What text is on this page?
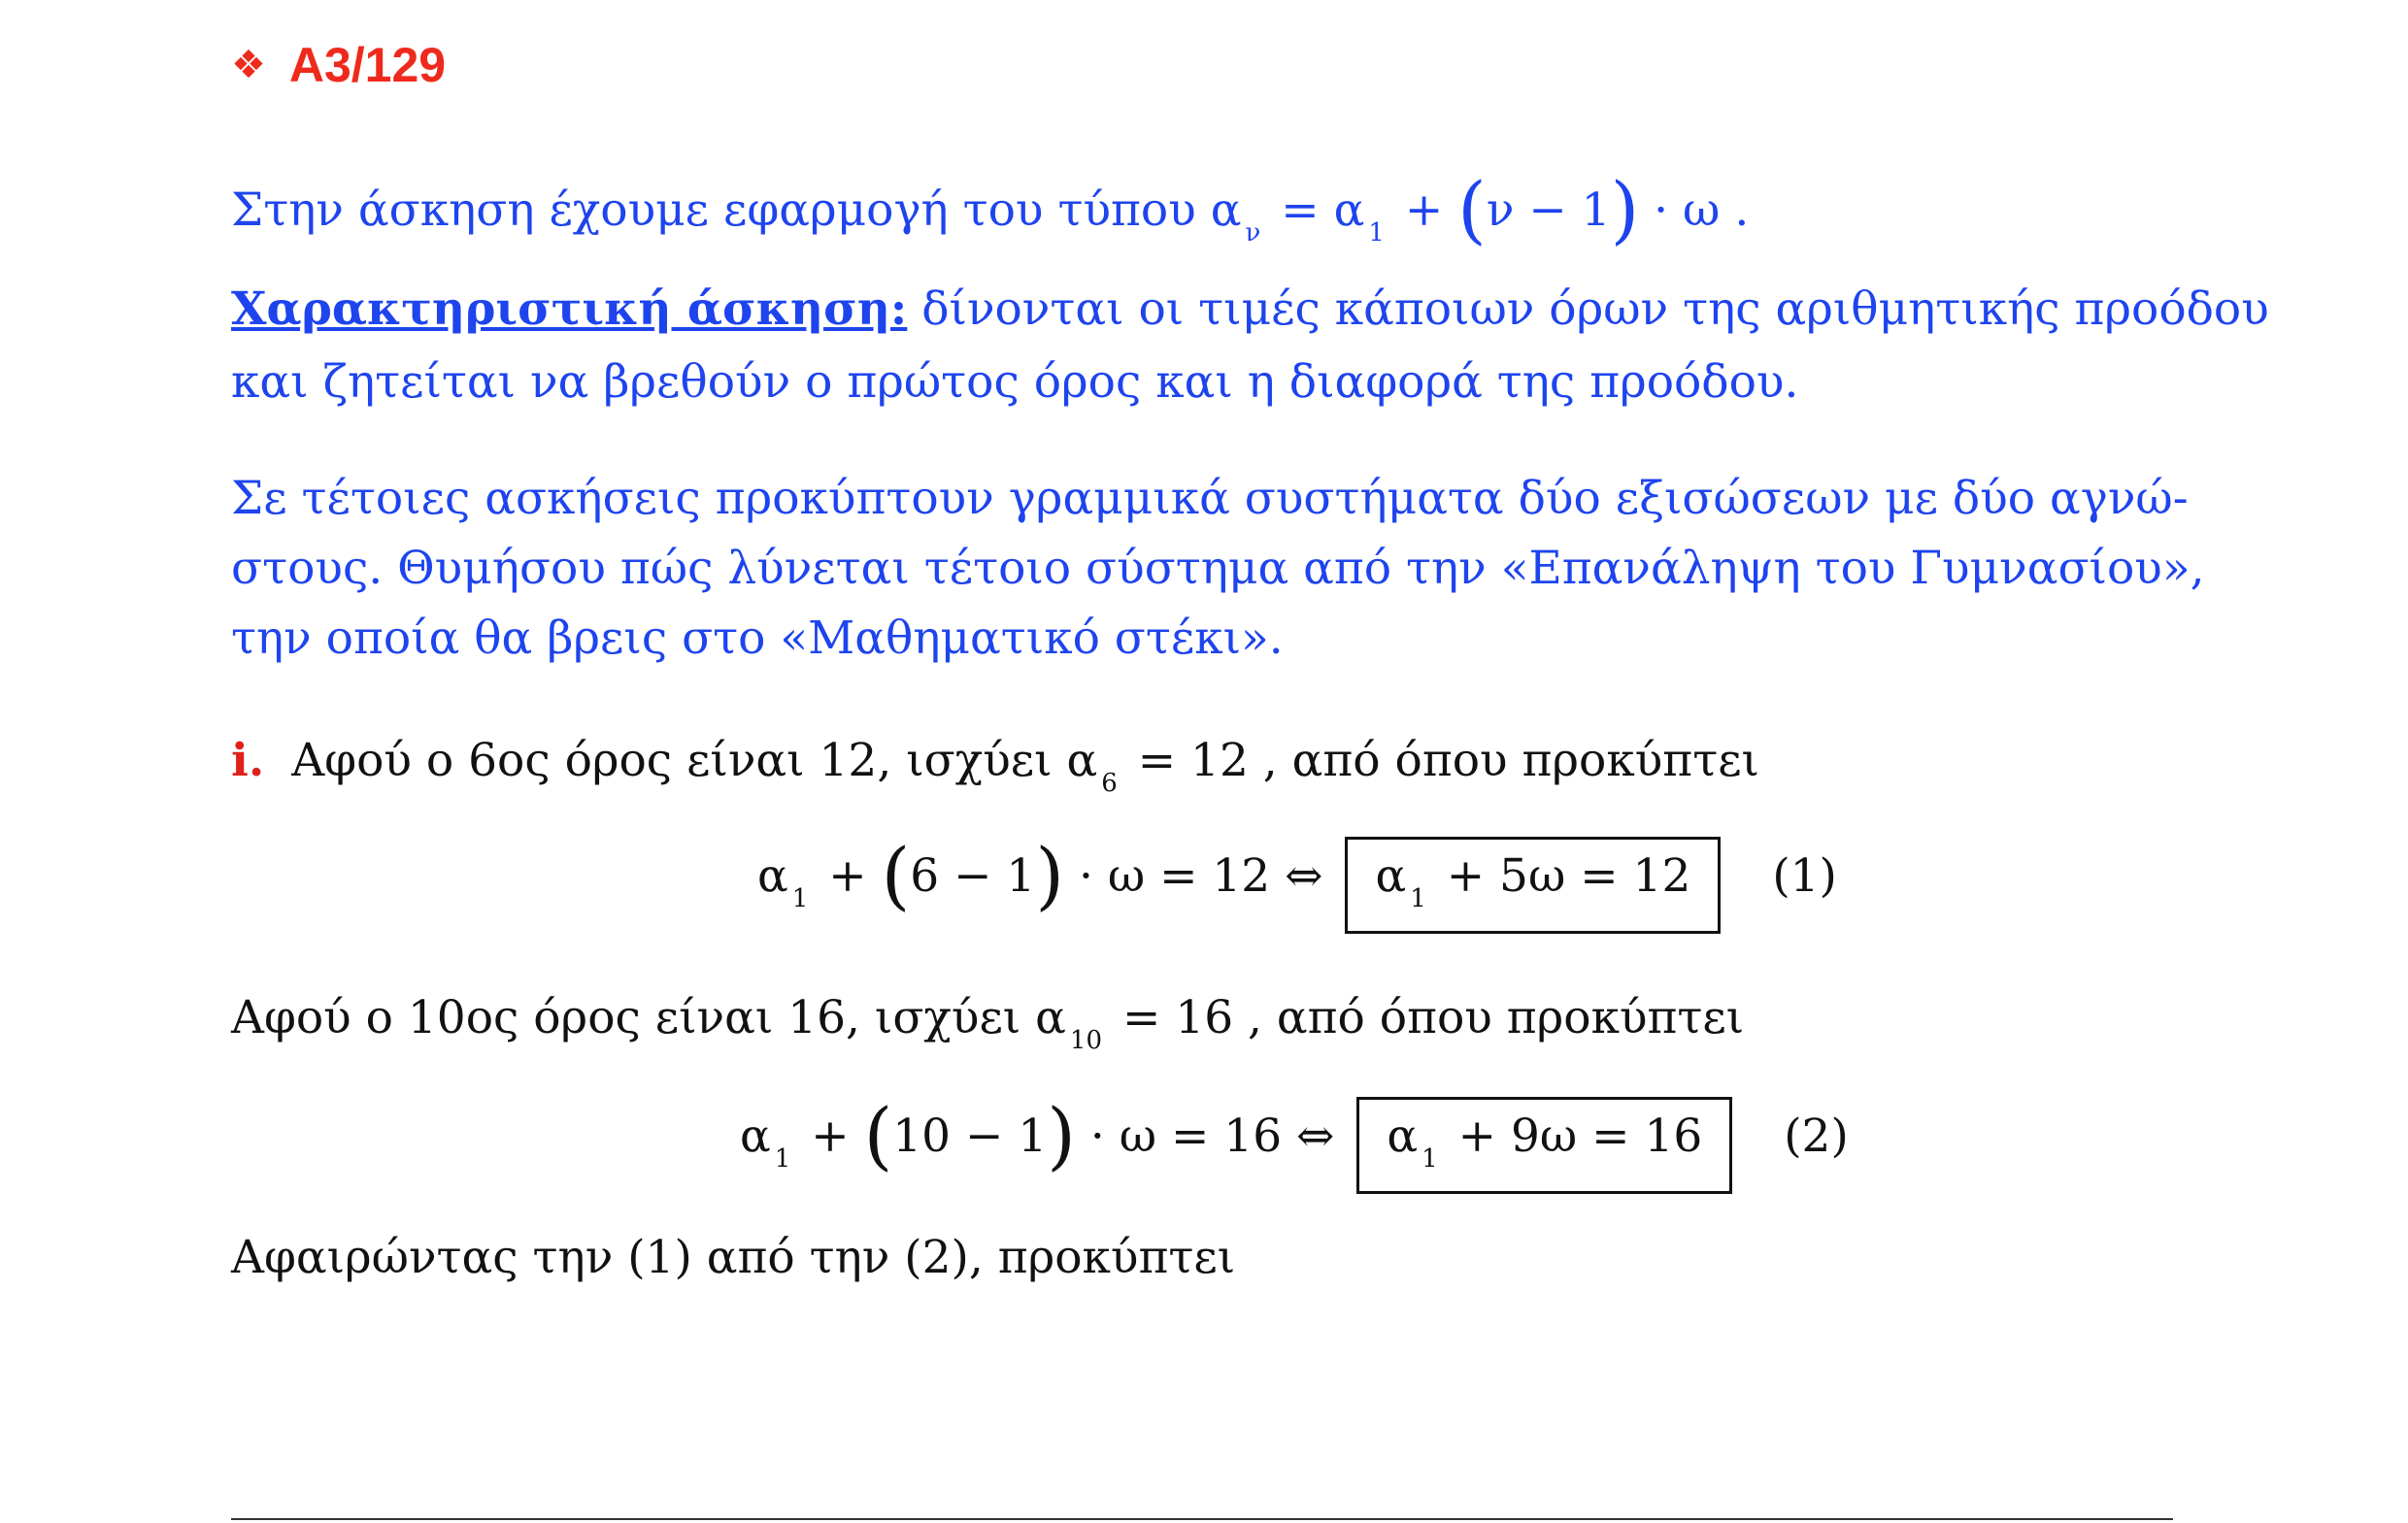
❖ A3/129
Στην άσκηση έχουμε εφαρμογή του τύπου α $_\nu$ = α $_1$ + (ν − 1) · ω .
Χαρακτηριστική άσκηση: δίνονται οι τιμές κάποιων όρων της αριθμητικής προόδου
και ζητείται να βρεθούν ο πρώτος όρος και η διαφορά της προόδου.
Σε τέτοιες ασκήσεις προκύπτουν γραμμικά συστήματα δύο εξισώσεων με δύο αγνώ-
στους. Θυμήσου πώς λύνεται τέτοιο σύστημα από την «Επανάληψη του Γυμνασίου»,
την οποία θα βρεις στο «Μαθηματικό στέκι».
i. Αφού ο 6ος όρος είναι 12, ισχύει α $_6$ = 12 , από όπου προκύπτει
α $_1$ + (6 − 1) · ω = 12 ⇔ α $_1$ + 5ω = 12 (1)
Αφού ο 10ος όρος είναι 16, ισχύει α $_{10}$ = 16 , από όπου προκύπτει
α $_1$ + (10 − 1) · ω = 16 ⇔ α $_1$ + 9ω = 16 (2)
Αφαιρώντας την (1) από την (2), προκύπτει
